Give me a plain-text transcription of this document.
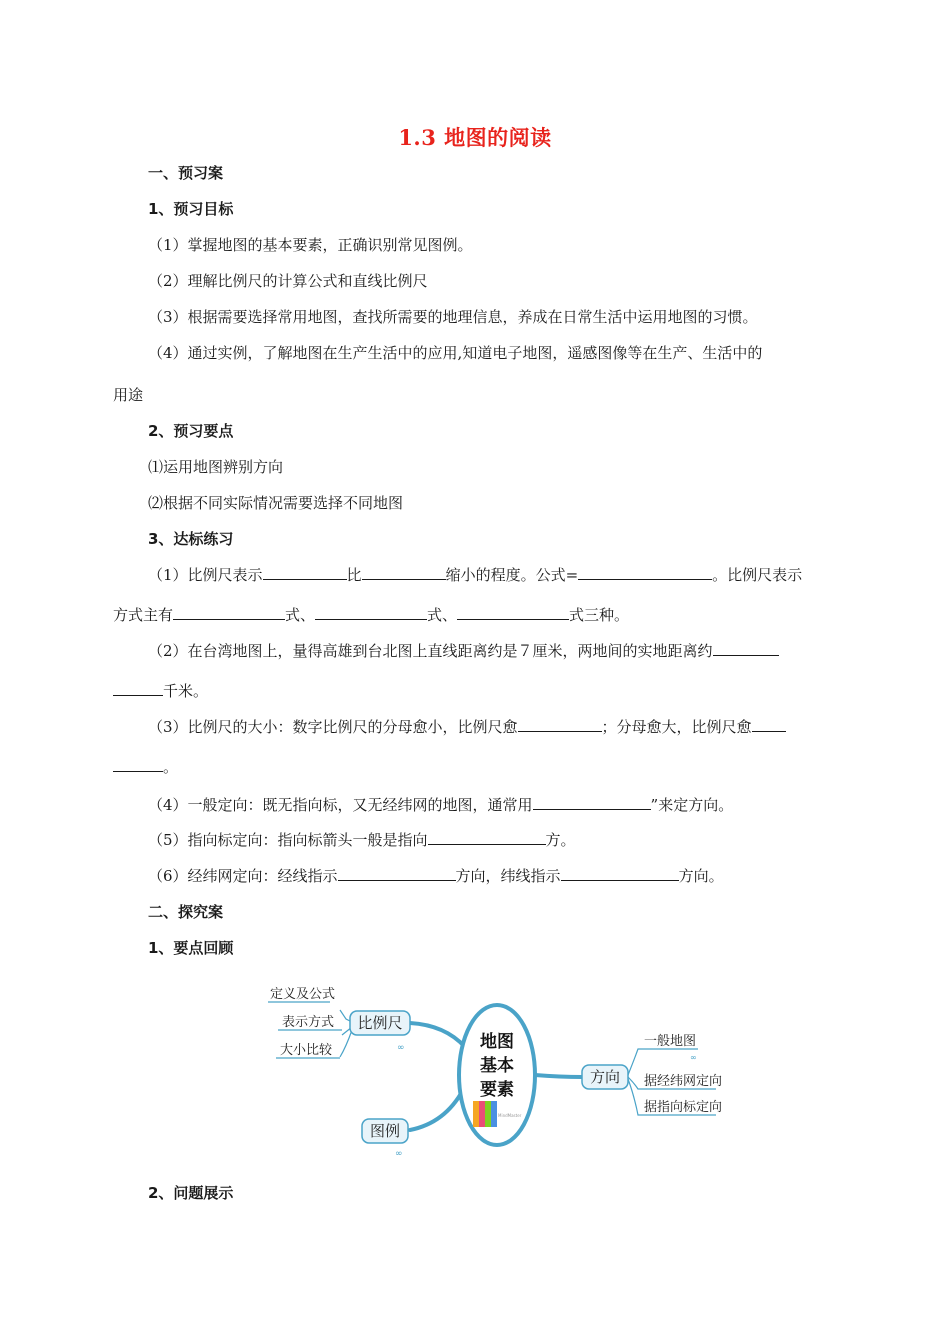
1.3 地图的阅读
一、预习案
1、预习目标
（1）掌握地图的基本要素，正确识别常见图例。
（2）理解比例尺的计算公式和直线比例尺
（3）根据需要选择常用地图，查找所需要的地理信息，养成在日常生活中运用地图的习惯。
（4）通过实例，了解地图在生产生活中的应用,知道电子地图，遥感图像等在生产、生活中的
用途
2、预习要点
⑴运用地图辨别方向
⑵根据不同实际情况需要选择不同地图
3、达标练习
（1）比例尺表示	比	缩小的程度。公式=	。比例尺表示
方式主有	式、	式、	式三种。
（2）在台湾地图上，量得高雄到台北图上直线距离约是７厘米，两地间的实地距离约
千米。
（3）比例尺的大小：数字比例尺的分母愈小，比例尺愈	；分母愈大，比例尺愈
。
（4）一般定向：既无指向标，又无经纬网的地图，通常用	”来定方向。
（5）指向标定向：指向标箭头一般是指向	方。
（6）经纬网定向：经线指示	方向，纬线指示	方向。
二、探究案
1、要点回顾
定义及公式
表示方式
大小比较
比例尺
∞
图例
∞
地图
基本
要素
MindMaster
方向
一般地图
∞
据经纬网定向
据指向标定向
2、问题展示
